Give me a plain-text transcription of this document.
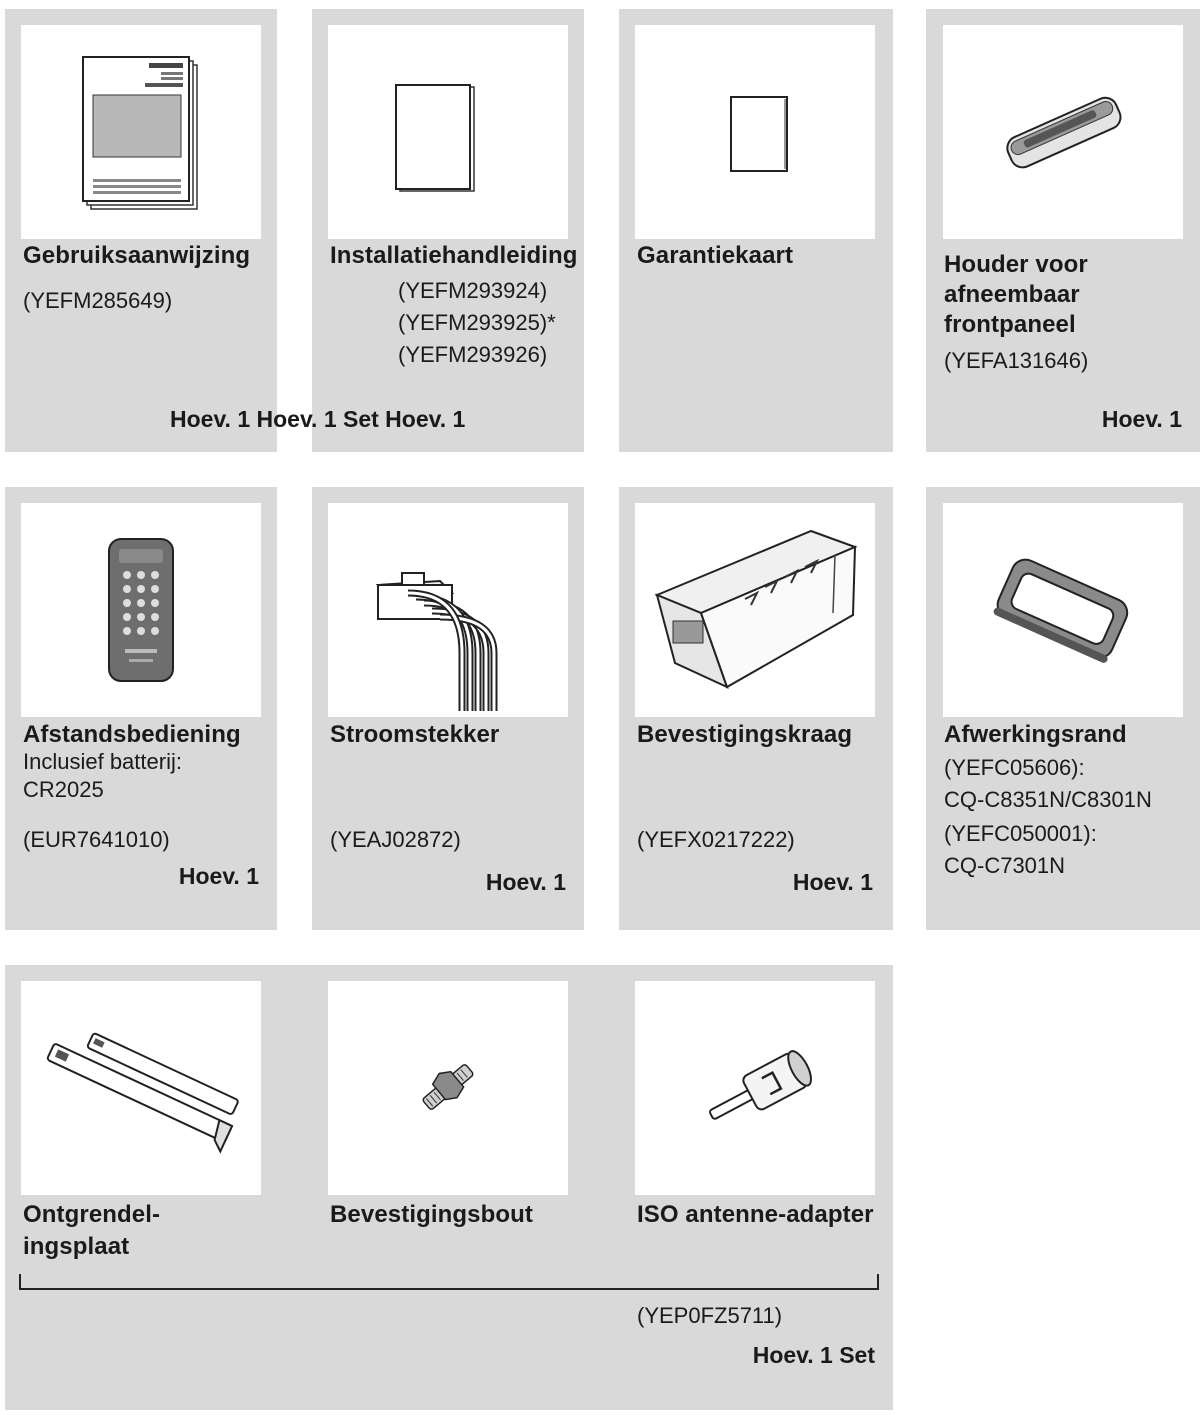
Gebruiksaanwijzing
(YEFM285649)
Installatiehandleiding
(YEFM293924)
(YEFM293925)*
(YEFM293926)
Garantiekaart
Hoev. 1 Hoev. 1 Set Hoev. 1
Houder voor
afneembaar
frontpaneel
(YEFA131646)
Hoev. 1
Afstandsbediening
Inclusief batterij:
CR2025
(EUR7641010)
Hoev. 1
Stroomstekker
(YEAJ02872)
Hoev. 1
Bevestigingskraag
(YEFX0217222)
Hoev. 1
Afwerkingsrand
(YEFC05606):
CQ-C8351N/C8301N
(YEFC050001):
CQ-C7301N
Ontgrendel-
ingsplaat
Bevestigingsbout	ISO antenne-adapter
(YEP0FZ5711)
Hoev. 1 Set
